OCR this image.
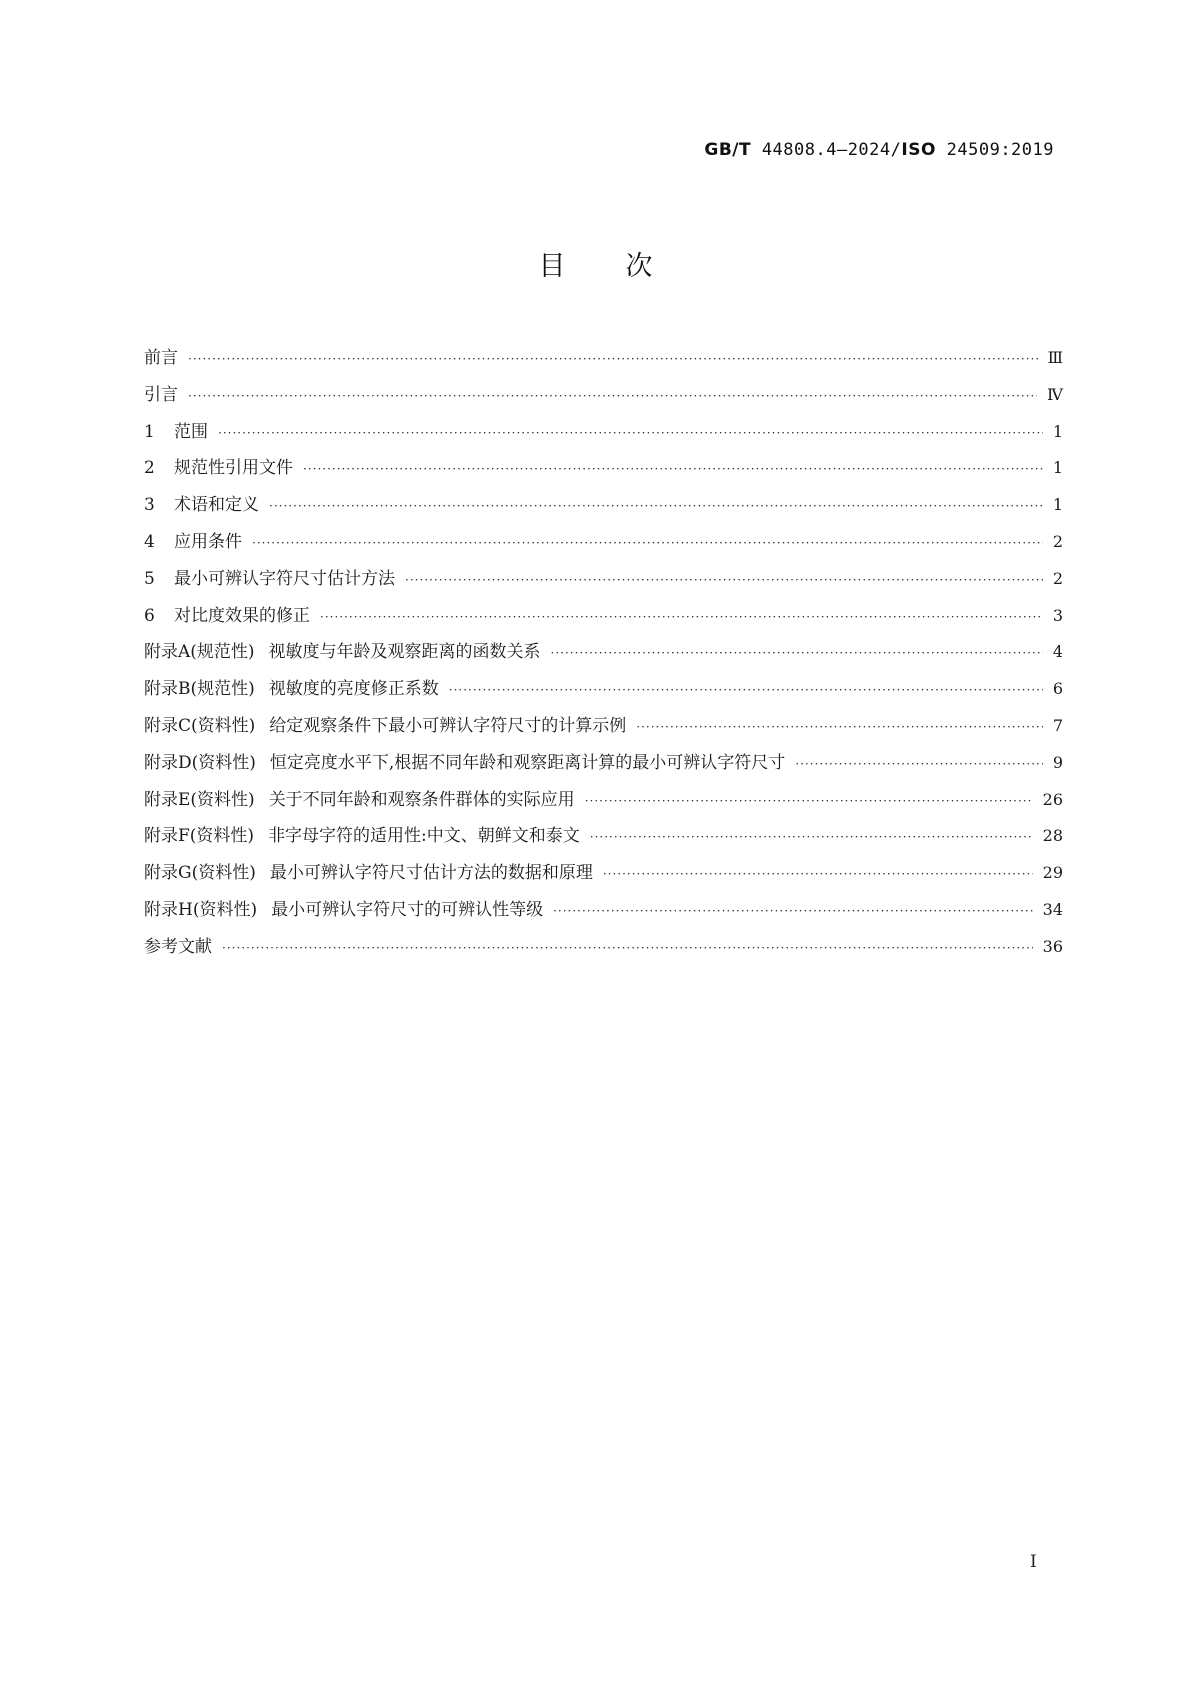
GB/T 44808.4—2024/ISO 24509:2019
目次
前言 ·····	Ⅲ
引言 ·····	Ⅳ
1	范围 ·····	1
2	规范性引用文件 ·····	1
3	术语和定义 ·····	1
4	应用条件 ·····	2
5	最小可辨认字符尺寸估计方法 ·····	2
6	对比度效果的修正 ·····	3
附录A(规范性) 视敏度与年龄及观察距离的函数关系 ·····	4
附录B(规范性) 视敏度的亮度修正系数 ·····	6
附录C(资料性) 给定观察条件下最小可辨认字符尺寸的计算示例 ·····	7
附录D(资料性) 恒定亮度水平下,根据不同年龄和观察距离计算的最小可辨认字符尺寸 ·····	9
附录E(资料性) 关于不同年龄和观察条件群体的实际应用 ·····	26
附录F(资料性) 非字母字符的适用性:中文、朝鲜文和泰文 ·····	28
附录G(资料性) 最小可辨认字符尺寸估计方法的数据和原理 ·····	29
附录H(资料性) 最小可辨认字符尺寸的可辨认性等级 ·····	34
参考文献 ·····	36
I
